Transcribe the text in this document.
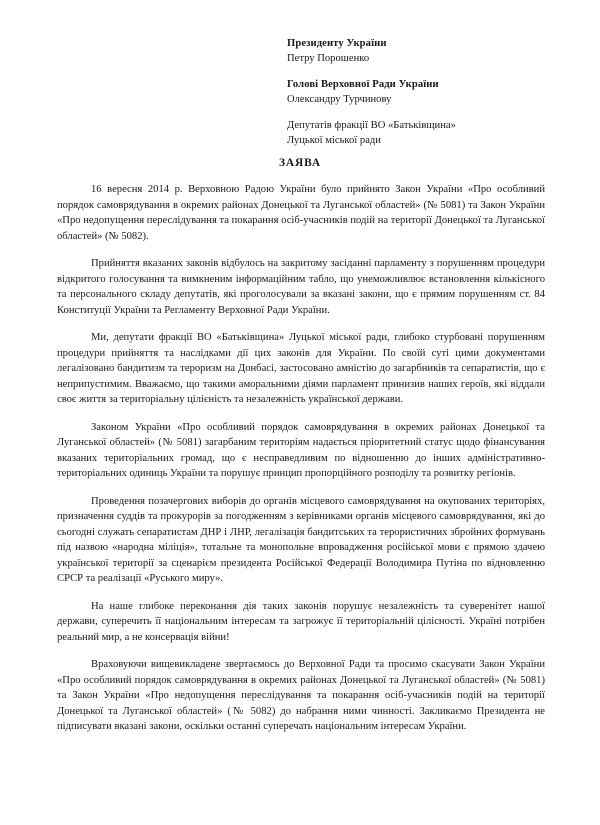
Президенту України
Петру Порошенко
Голові Верховної Ради України
Олександру Турчинову
Депутатів фракції ВО «Батьківщина»
Луцької міської ради
ЗАЯВА

16 вересня 2014 р. Верховною Радою України було прийнято Закон України «Про особливий порядок самоврядування в окремих районах Донецької та Луганської областей» (№ 5081) та Закон України «Про недопущення переслідування та покарання осіб-учасників подій на території Донецької та Луганської областей» (№ 5082).

Прийняття вказаних законів відбулось на закритому засіданні парламенту з порушенням процедури відкритого голосування та вимкненим інформаційним табло, що унеможливлює встановлення кількісного та персонального складу депутатів, які проголосували за вказані закони, що є прямим порушенням ст. 84 Конституції України та Регламенту Верховної Ради України.

Ми, депутати фракції ВО «Батьківщина» Луцької міської ради, глибоко стурбовані порушенням процедури прийняття та наслідками дії цих законів для України. По своїй суті цими документами легалізовано бандитизм та тероризм на Донбасі, застосовано амністію до загарбників та сепаратистів, що є неприпустимим. Вважаємо, що такими аморальними діями парламент принизив наших героїв, які віддали своє життя за територіальну цілієність та незалежність української держави.

Законом України «Про особливий порядок самоврядування в окремих районах Донецької та Луганської областей» (№ 5081) загарбаним територіям надається пріоритетний статус щодо фінансування вказаних територіальних громад, що є несправедливим по відношенню до інших адміністративно-територіальних одиниць України та порушує принцип пропорційного розподілу та розвитку регіонів.

Проведення позачергових виборів до органів місцевого самоврядування на окупованих територіях, призначення суддів та прокурорів за погодженням з керівниками органів місцевого самоврядування, які до сьогодні служать сепаратистам ДНР і ЛНР, легалізація бандитських та терористичних збройних формувань під назвою «народна міліція», тотальне та монопольне впровадження російської мови є прямою здачею української території за сценарієм президента Російської Федерації Володимира Путіна по відновленню СРСР та реалізації «Руського миру».

На наше глибоке переконання дія таких законів порушує незалежність та суверенітет нашої держави, суперечить її національним інтересам та загрожує її територіальній цілісності. Україні потрібен реальний мир, а не консервація війни!

Враховуючи вищевикладене звертаємось до Верховної Ради та просимо скасувати Закон України «Про особливий порядок самоврядування в окремих районах Донецької та Луганської областей» (№ 5081) та Закон України «Про недопущення переслідування та покарання осіб-учасників подій на території Донецької та Луганської областей» (№ 5082) до набрання ними чинності. Закликаємо Президента не підписувати вказані закони, оскільки останні суперечать національним інтересам України.
